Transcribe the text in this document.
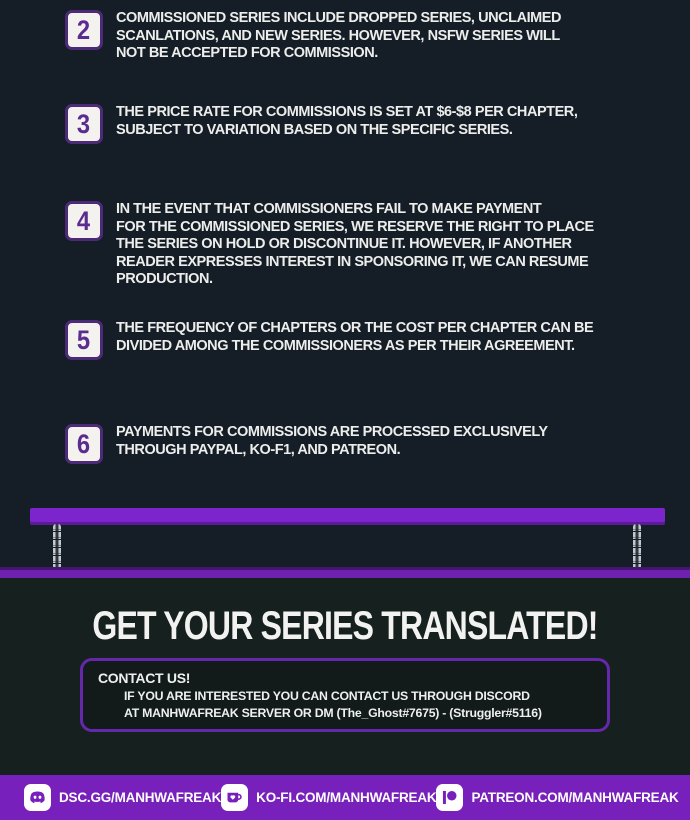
2 COMMISSIONED SERIES INCLUDE DROPPED SERIES, UNCLAIMED
SCANLATIONS, AND NEW SERIES. HOWEVER, NSFW SERIES WILL
NOT BE ACCEPTED FOR COMMISSION.
3 THE PRICE RATE FOR COMMISSIONS IS SET AT $6-$8 PER CHAPTER,
SUBJECT TO VARIATION BASED ON THE SPECIFIC SERIES.
4 IN THE EVENT THAT COMMISSIONERS FAIL TO MAKE PAYMENT
FOR THE COMMISSIONED SERIES, WE RESERVE THE RIGHT TO PLACE
THE SERIES ON HOLD OR DISCONTINUE IT. HOWEVER, IF ANOTHER
READER EXPRESSES INTEREST IN SPONSORING IT, WE CAN RESUME
PRODUCTION.
5 THE FREQUENCY OF CHAPTERS OR THE COST PER CHAPTER CAN BE
DIVIDED AMONG THE COMMISSIONERS AS PER THEIR AGREEMENT.
6 PAYMENTS FOR COMMISSIONS ARE PROCESSED EXCLUSIVELY
THROUGH PAYPAL, KO-F1, AND PATREON.
GET YOUR SERIES TRANSLATED!
CONTACT US!
IF YOU ARE INTERESTED YOU CAN CONTACT US THROUGH DISCORD
AT MANHWAFREAK SERVER OR DM (The_Ghost#7675) - (Struggler#5116)
DSC.GG/MANHWAFREAK	KO-FI.COM/MANHWAFREAK	PATREON.COM/MANHWAFREAK
